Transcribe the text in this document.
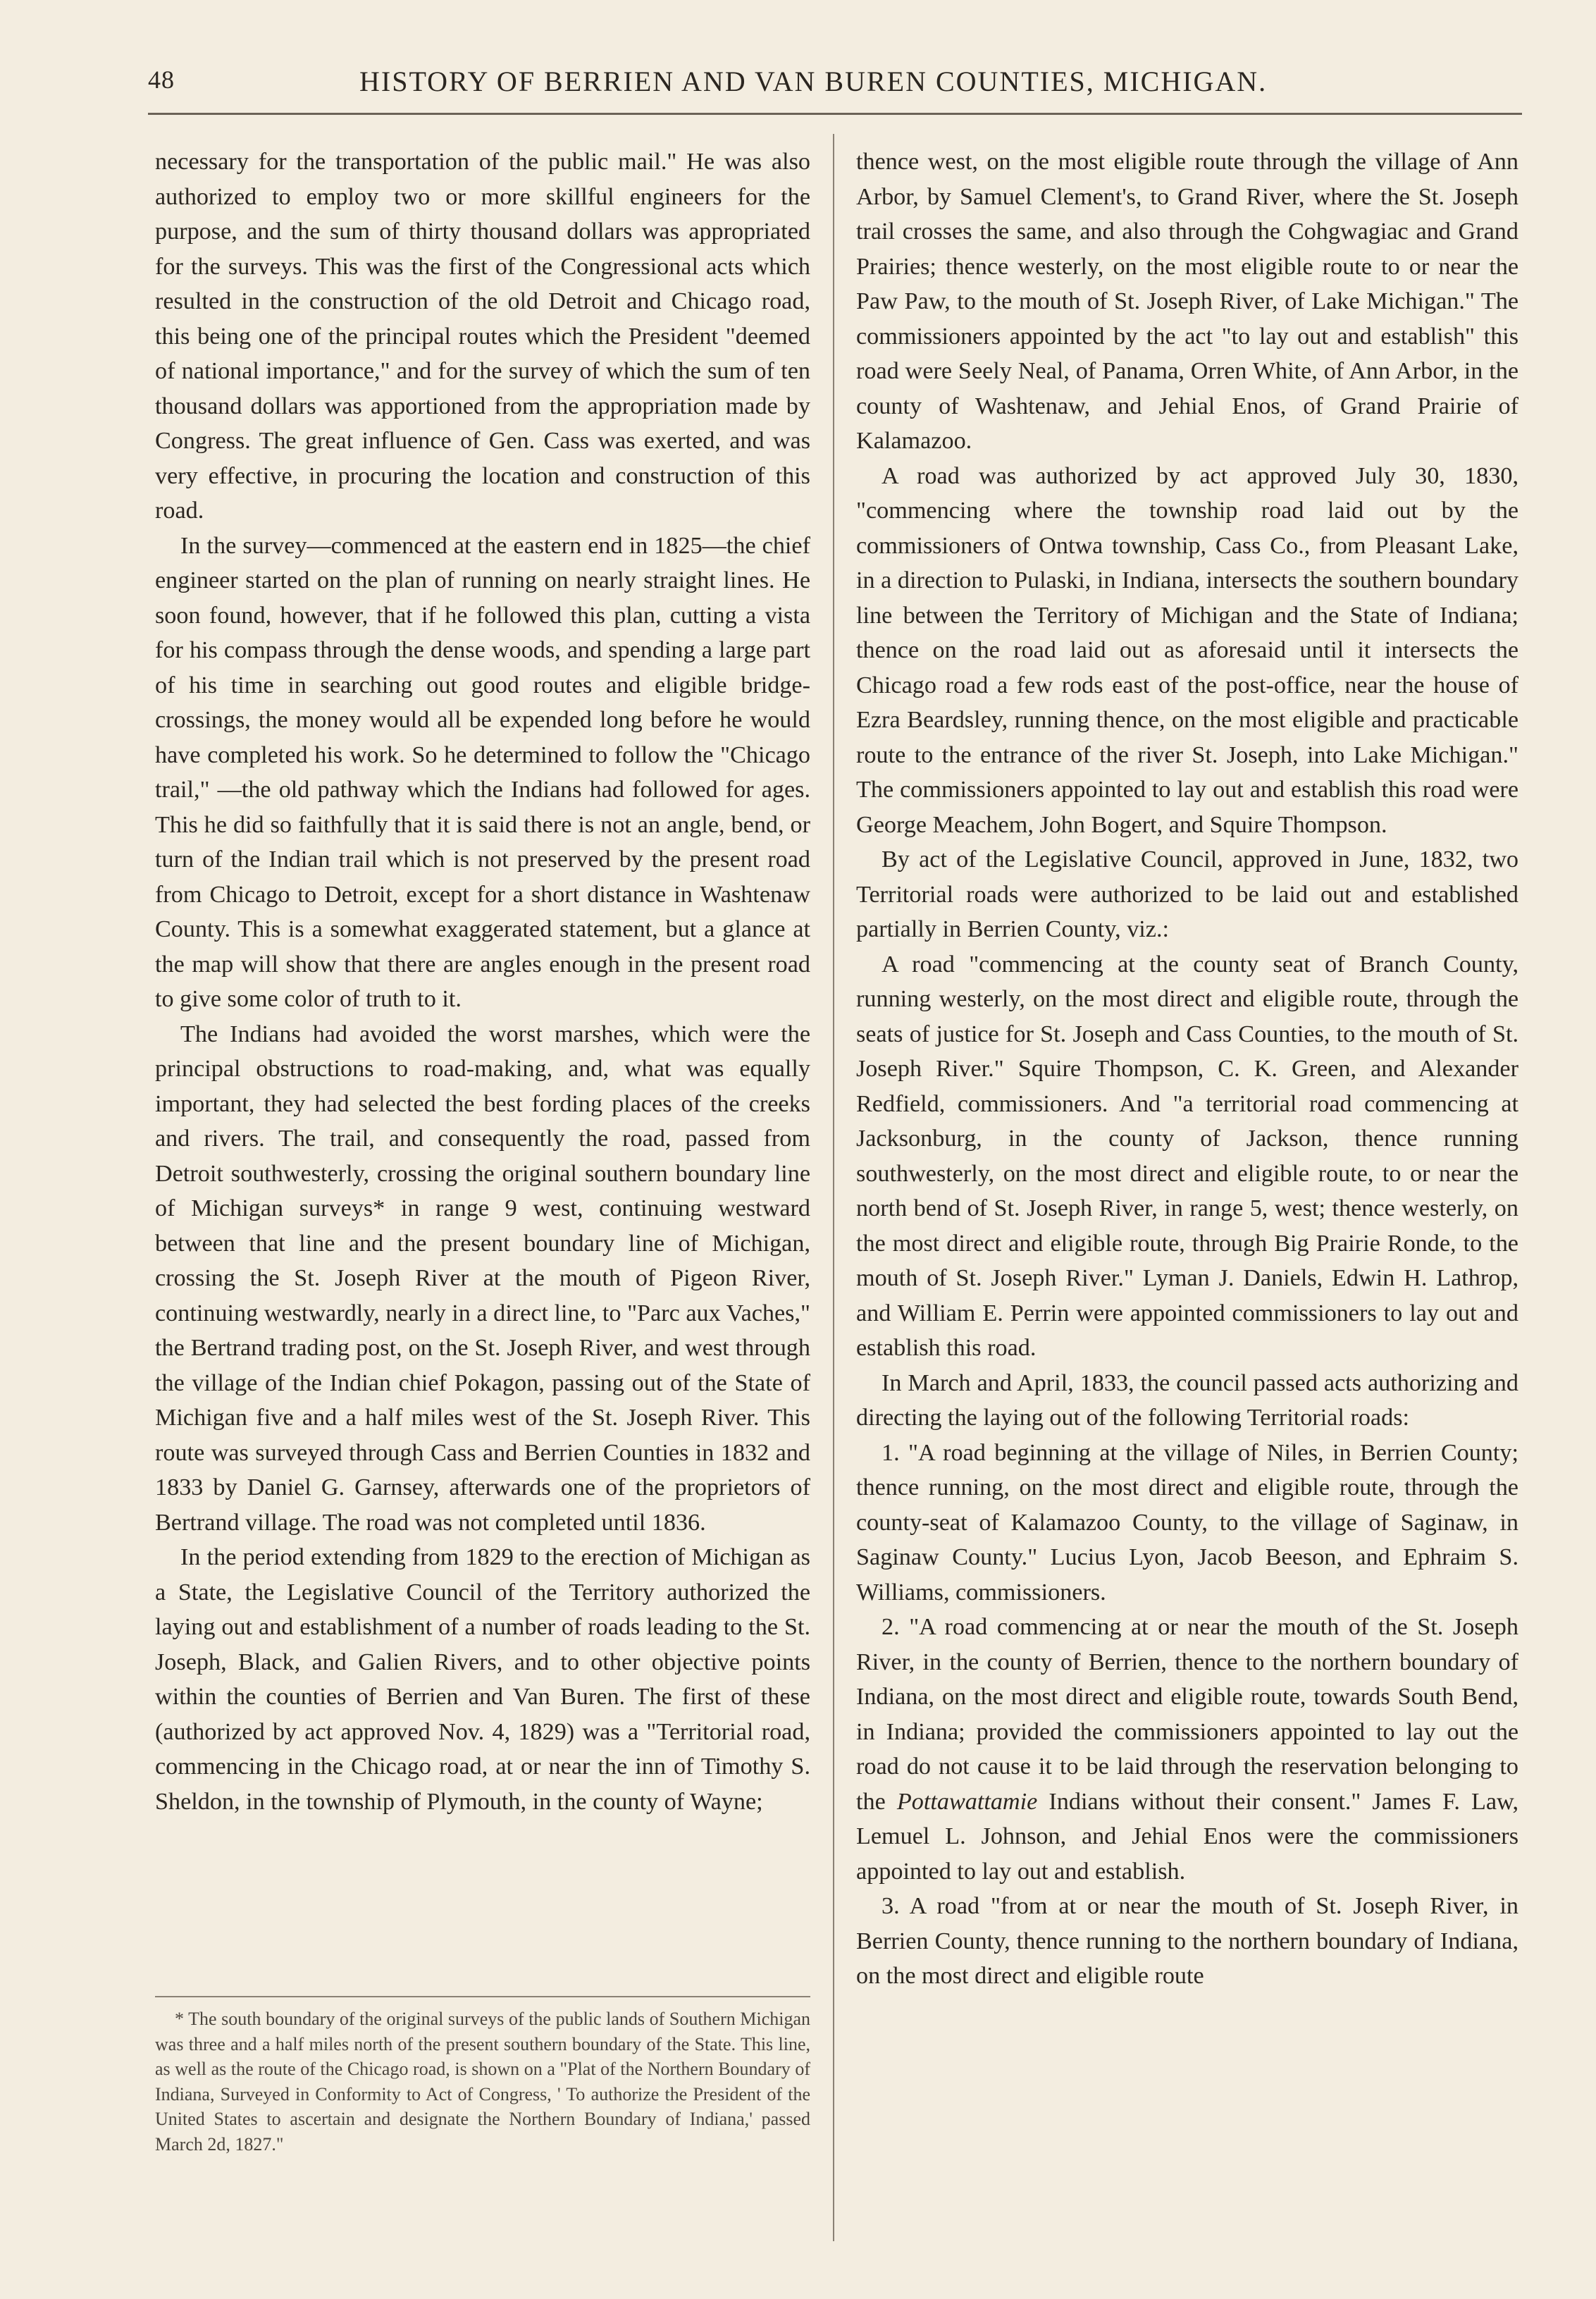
48	HISTORY OF BERRIEN AND VAN BUREN COUNTIES, MICHIGAN.

necessary for the transportation of the public mail." He was also authorized to employ two or more skillful engineers for the purpose, and the sum of thirty thousand dollars was appropriated for the surveys. This was the first of the Congressional acts which resulted in the construction of the old Detroit and Chicago road, this being one of the principal routes which the President "deemed of national importance," and for the survey of which the sum of ten thousand dollars was apportioned from the appropriation made by Congress. The great influence of Gen. Cass was exerted, and was very effective, in procuring the location and construction of this road.

In the survey—commenced at the eastern end in 1825—the chief engineer started on the plan of running on nearly straight lines. He soon found, however, that if he followed this plan, cutting a vista for his compass through the dense woods, and spending a large part of his time in searching out good routes and eligible bridge-crossings, the money would all be expended long before he would have completed his work. So he determined to follow the "Chicago trail," —the old pathway which the Indians had followed for ages. This he did so faithfully that it is said there is not an angle, bend, or turn of the Indian trail which is not preserved by the present road from Chicago to Detroit, except for a short distance in Washtenaw County. This is a somewhat exaggerated statement, but a glance at the map will show that there are angles enough in the present road to give some color of truth to it.

The Indians had avoided the worst marshes, which were the principal obstructions to road-making, and, what was equally important, they had selected the best fording places of the creeks and rivers. The trail, and consequently the road, passed from Detroit southwesterly, crossing the original southern boundary line of Michigan surveys* in range 9 west, continuing westward between that line and the present boundary line of Michigan, crossing the St. Joseph River at the mouth of Pigeon River, continuing westwardly, nearly in a direct line, to "Parc aux Vaches," the Bertrand trading post, on the St. Joseph River, and west through the village of the Indian chief Pokagon, passing out of the State of Michigan five and a half miles west of the St. Joseph River. This route was surveyed through Cass and Berrien Counties in 1832 and 1833 by Daniel G. Garnsey, afterwards one of the proprietors of Bertrand village. The road was not completed until 1836.

In the period extending from 1829 to the erection of Michigan as a State, the Legislative Council of the Territory authorized the laying out and establishment of a number of roads leading to the St. Joseph, Black, and Galien Rivers, and to other objective points within the counties of Berrien and Van Buren. The first of these (authorized by act approved Nov. 4, 1829) was a "Territorial road, commencing in the Chicago road, at or near the inn of Timothy S. Sheldon, in the township of Plymouth, in the county of Wayne;

* The south boundary of the original surveys of the public lands of Southern Michigan was three and a half miles north of the present southern boundary of the State. This line, as well as the route of the Chicago road, is shown on a "Plat of the Northern Boundary of Indiana, Surveyed in Conformity to Act of Congress, ' To authorize the President of the United States to ascertain and designate the Northern Boundary of Indiana,' passed March 2d, 1827."

thence west, on the most eligible route through the village of Ann Arbor, by Samuel Clement's, to Grand River, where the St. Joseph trail crosses the same, and also through the Cohgwagiac and Grand Prairies; thence westerly, on the most eligible route to or near the Paw Paw, to the mouth of St. Joseph River, of Lake Michigan." The commissioners appointed by the act "to lay out and establish" this road were Seely Neal, of Panama, Orren White, of Ann Arbor, in the county of Washtenaw, and Jehial Enos, of Grand Prairie of Kalamazoo.

A road was authorized by act approved July 30, 1830, "commencing where the township road laid out by the commissioners of Ontwa township, Cass Co., from Pleasant Lake, in a direction to Pulaski, in Indiana, intersects the southern boundary line between the Territory of Michigan and the State of Indiana; thence on the road laid out as aforesaid until it intersects the Chicago road a few rods east of the post-office, near the house of Ezra Beardsley, running thence, on the most eligible and practicable route to the entrance of the river St. Joseph, into Lake Michigan." The commissioners appointed to lay out and establish this road were George Meachem, John Bogert, and Squire Thompson.

By act of the Legislative Council, approved in June, 1832, two Territorial roads were authorized to be laid out and established partially in Berrien County, viz.:

A road "commencing at the county seat of Branch County, running westerly, on the most direct and eligible route, through the seats of justice for St. Joseph and Cass Counties, to the mouth of St. Joseph River." Squire Thompson, C. K. Green, and Alexander Redfield, commissioners. And "a territorial road commencing at Jacksonburg, in the county of Jackson, thence running southwesterly, on the most direct and eligible route, to or near the north bend of St. Joseph River, in range 5, west; thence westerly, on the most direct and eligible route, through Big Prairie Ronde, to the mouth of St. Joseph River." Lyman J. Daniels, Edwin H. Lathrop, and William E. Perrin were appointed commissioners to lay out and establish this road.

In March and April, 1833, the council passed acts authorizing and directing the laying out of the following Territorial roads:

1. "A road beginning at the village of Niles, in Berrien County; thence running, on the most direct and eligible route, through the county-seat of Kalamazoo County, to the village of Saginaw, in Saginaw County." Lucius Lyon, Jacob Beeson, and Ephraim S. Williams, commissioners.

2. "A road commencing at or near the mouth of the St. Joseph River, in the county of Berrien, thence to the northern boundary of Indiana, on the most direct and eligible route, towards South Bend, in Indiana; provided the commissioners appointed to lay out the road do not cause it to be laid through the reservation belonging to the Pottawattamie Indians without their consent." James F. Law, Lemuel L. Johnson, and Jehial Enos were the commissioners appointed to lay out and establish.

3. A road "from at or near the mouth of St. Joseph River, in Berrien County, thence running to the northern boundary of Indiana, on the most direct and eligible route
